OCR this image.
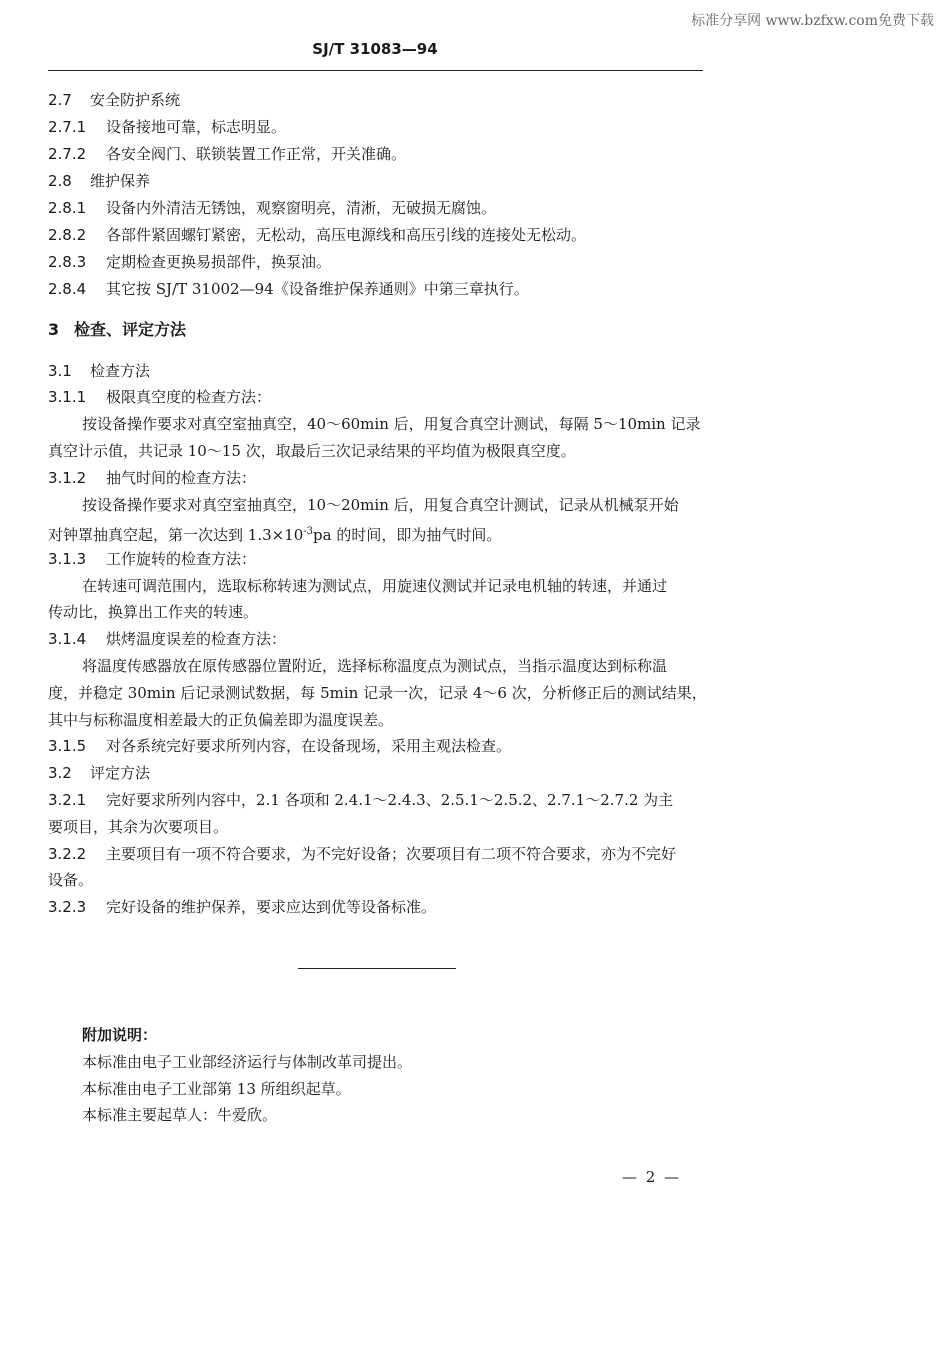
标准分享网 www.bzfxw.com免费下载
SJ/T 31083—94
2.7 安全防护系统
2.7.1 设备接地可靠，标志明显。
2.7.2 各安全阀门、联锁装置工作正常，开关准确。
2.8 维护保养
2.8.1 设备内外清洁无锈蚀，观察窗明亮，清淅，无破损无腐蚀。
2.8.2 各部件紧固螺钉紧密，无松动，高压电源线和高压引线的连接处无松动。
2.8.3 定期检查更换易损部件，换泵油。
2.8.4 其它按 SJ/T 31002—94《设备维护保养通则》中第三章执行。
3 检查、评定方法
3.1 检查方法
3.1.1 极限真空度的检查方法：
按设备操作要求对真空室抽真空，40～60min 后，用复合真空计测试，每隔 5～10min 记录
真空计示值，共记录 10～15 次，取最后三次记录结果的平均值为极限真空度。
3.1.2 抽气时间的检查方法：
按设备操作要求对真空室抽真空，10～20min 后，用复合真空计测试，记录从机械泵开始
对钟罩抽真空起，第一次达到 $1.3\times 10^{-3}pa$ 的时间，即为抽气时间。
3.1.3 工作旋转的检查方法：
在转速可调范围内，选取标称转速为测试点，用旋速仪测试并记录电机轴的转速，并通过
传动比，换算出工作夹的转速。
3.1.4 烘烤温度误差的检查方法：
将温度传感器放在原传感器位置附近，选择标称温度点为测试点，当指示温度达到标称温
度，并稳定 30min 后记录测试数据，每 5min 记录一次，记录 4～6 次，分析修正后的测试结果，
其中与标称温度相差最大的正负偏差即为温度误差。
3.1.5 对各系统完好要求所列内容，在设备现场，采用主观法检查。
3.2 评定方法
3.2.1 完好要求所列内容中，2.1 各项和 2.4.1～2.4.3、2.5.1～2.5.2、2.7.1～2.7.2 为主
要项目，其余为次要项目。
3.2.2 主要项目有一项不符合要求，为不完好设备；次要项目有二项不符合要求，亦为不完好
设备。
3.2.3 完好设备的维护保养，要求应达到优等设备标准。
附加说明：
本标准由电子工业部经济运行与体制改革司提出。
本标准由电子工业部第 13 所组织起草。
本标准主要起草人：牛爱欣。
— 2 —
